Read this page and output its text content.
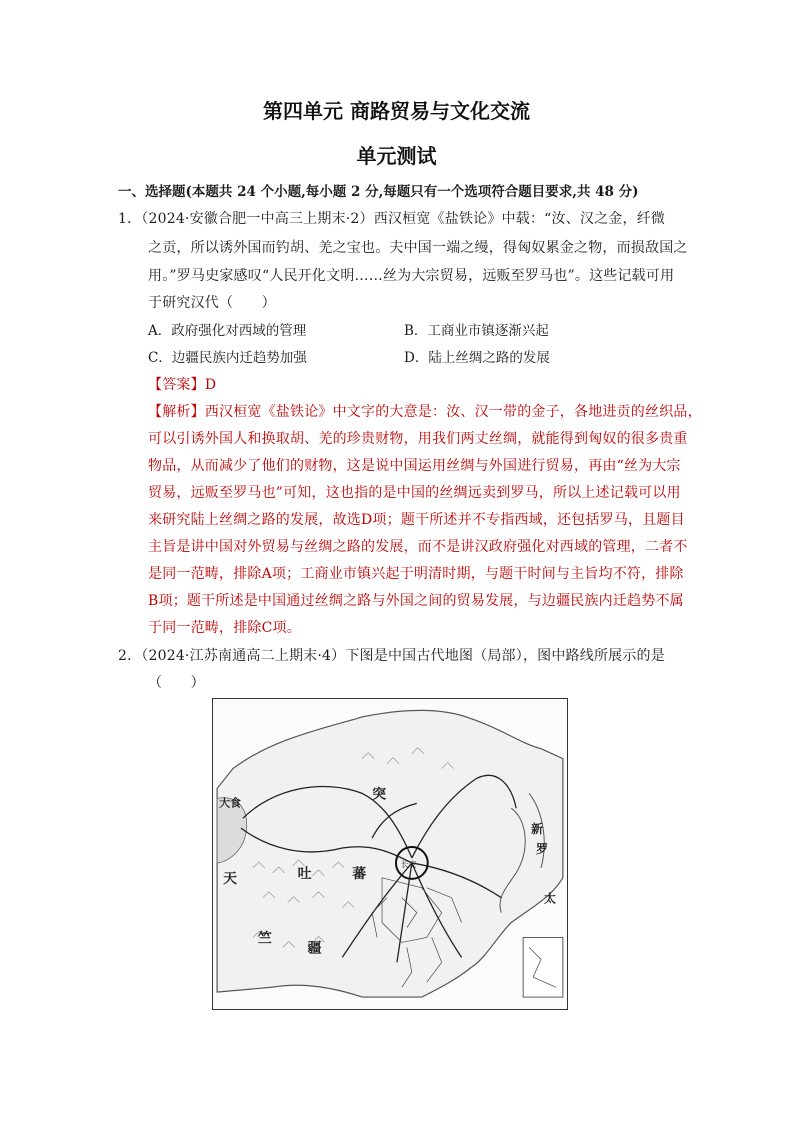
第四单元 商路贸易与文化交流
单元测试
一、选择题(本题共 24 个小题,每小题 2 分,每题只有一个选项符合题目要求,共 48 分)
1．（2024·安徽合肥一中高三上期末·2）西汉桓宽《盐铁论》中载：“汝、汉之金，纤微
之贡，所以诱外国而钓胡、羌之宝也。夫中国一端之缦，得匈奴累金之物，而损敌国之
用。”罗马史家感叹“人民开化文明……丝为大宗贸易，远贩至罗马也”。这些记载可用
于研究汉代（　　）
A．政府强化对西域的管理	B．工商业市镇逐渐兴起
C．边疆民族内迁趋势加强	D．陆上丝绸之路的发展
【答案】D
【解析】西汉桓宽《盐铁论》中文字的大意是：汝、汉一带的金子，各地进贡的丝织品，
可以引诱外国人和换取胡、羌的珍贵财物，用我们两丈丝绸，就能得到匈奴的很多贵重
物品，从而减少了他们的财物，这是说中国运用丝绸与外国进行贸易，再由“丝为大宗
贸易，远贩至罗马也”可知，这也指的是中国的丝绸远卖到罗马，所以上述记载可以用
来研究陆上丝绸之路的发展，故选D项；题干所述并不专指西域，还包括罗马，且题目
主旨是讲中国对外贸易与丝绸之路的发展，而不是讲汉政府强化对西域的管理，二者不
是同一范畴，排除A项；工商业市镇兴起于明清时期，与题干时间与主旨均不符，排除
B项；题干所述是中国通过丝绸之路与外国之间的贸易发展，与边疆民族内迁趋势不属
于同一范畴，排除C项。
2．（2024·江苏南通高二上期末·4）下图是中国古代地图（局部），图中路线所展示的是
（　　）
大食
天
竺
吐	蕃
疆
突
新
罗
太
长安
